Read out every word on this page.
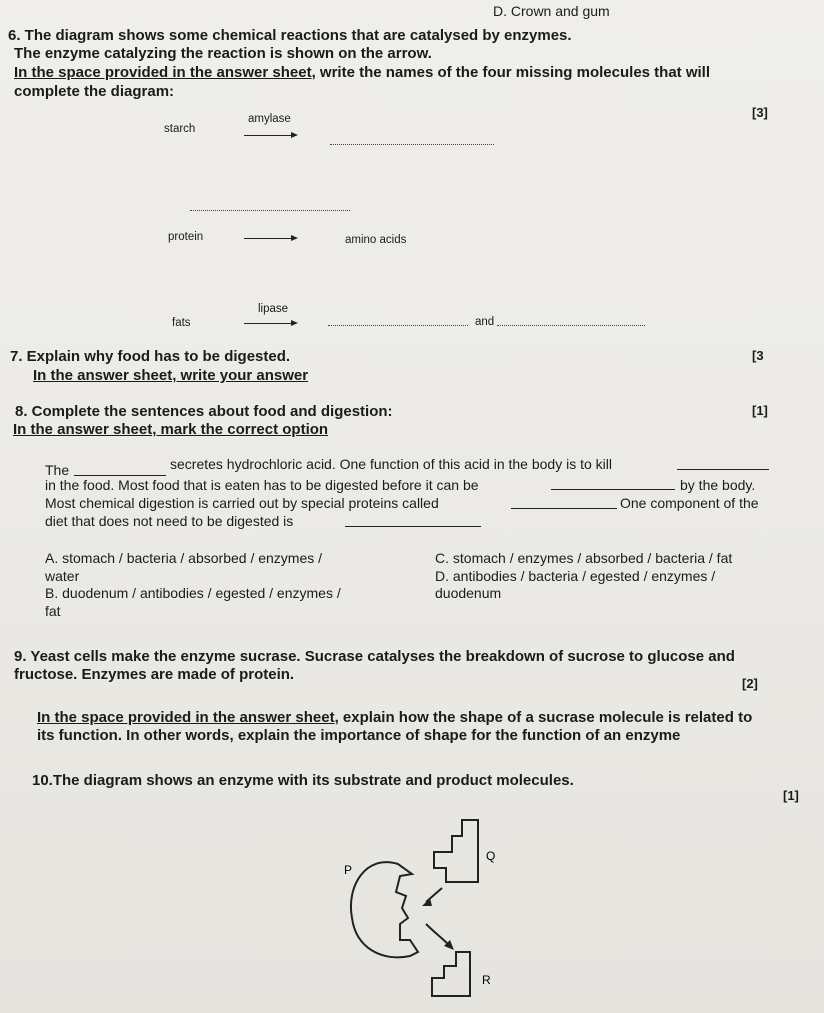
D. Crown and gum
6. The diagram shows some chemical reactions that are catalysed by enzymes.
The enzyme catalyzing the reaction is shown on the arrow.
In the space provided in the answer sheet, write the names of the four missing molecules that will
complete the diagram:
[3]
starch
amylase
protein	amino acids
lipase
fats	and
7. Explain why food has to be digested.
In the answer sheet, write your answer
[3
8. Complete the sentences about food and digestion:
In the answer sheet, mark the correct option
[1]
The	secretes hydrochloric acid. One function of this acid in the body is to kill
in the food. Most food that is eaten has to be digested before it can be	by the body.
Most chemical digestion is carried out by special proteins called	One component of the
diet that does not need to be digested is
A. stomach / bacteria / absorbed / enzymes /
water
B. duodenum / antibodies / egested / enzymes /
fat
C. stomach / enzymes / absorbed / bacteria / fat
D. antibodies / bacteria / egested / enzymes /
duodenum
9. Yeast cells make the enzyme sucrase. Sucrase catalyses the breakdown of sucrose to glucose and
fructose. Enzymes are made of protein.
[2]
In the space provided in the answer sheet, explain how the shape of a sucrase molecule is related to
its function. In other words, explain the importance of shape for the function of an enzyme
10.The diagram shows an enzyme with its substrate and product molecules.
[1]
P
Q
R
